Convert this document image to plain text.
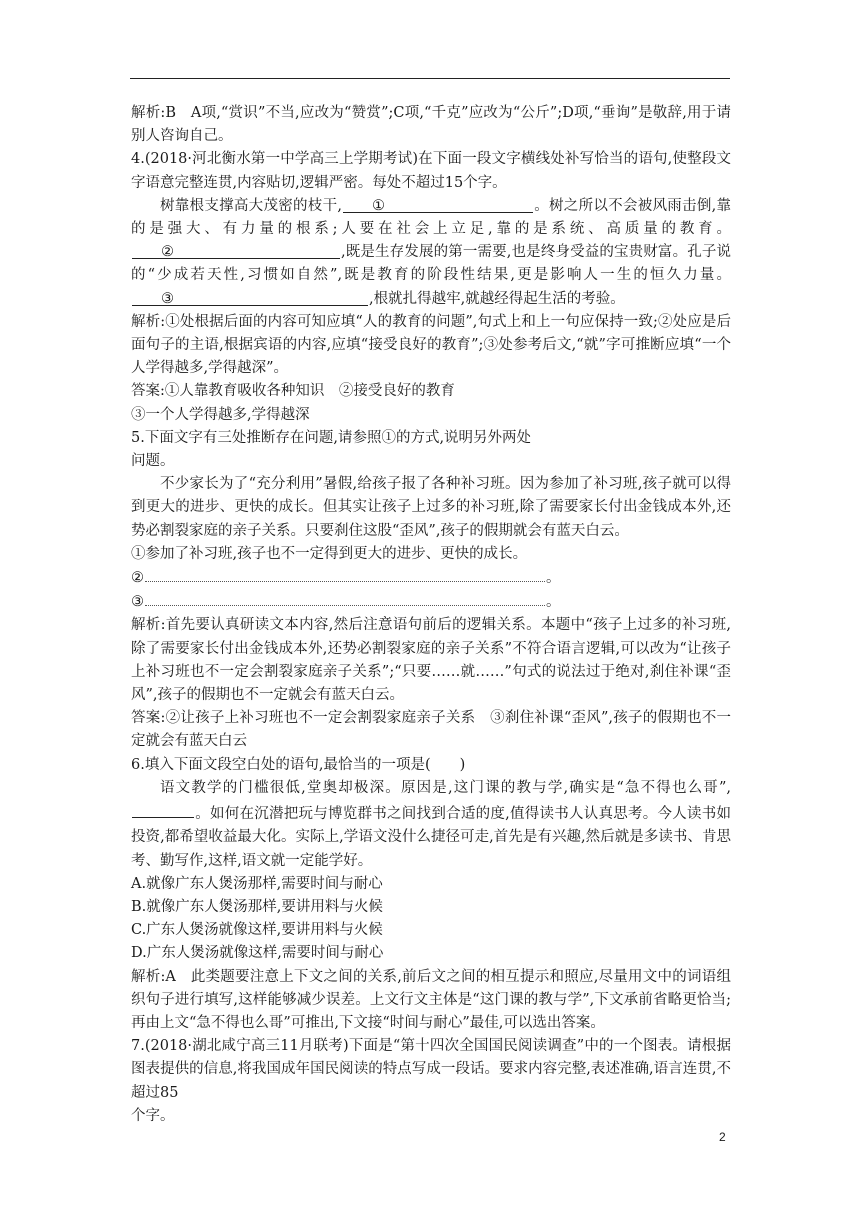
解析:B　A项,“赏识”不当,应改为“赞赏”;C项,“千克”应改为“公斤”;D项,“垂询”是敬辞,用于请别人咨询自己。

4.(2018·河北衡水第一中学高三上学期考试)在下面一段文字横线处补写恰当的语句,使整段文字语意完整连贯,内容贴切,逻辑严密。每处不超过15个字。

树靠根支撑高大茂密的枝干, ①	。树之所以不会被风雨击倒,靠的是强大、有力量的根系;人要在社会上立足,靠的是系统、高质量的教育。②	,既是生存发展的第一需要,也是终身受益的宝贵财富。孔子说的“少成若天性,习惯如自然”,既是教育的阶段性结果,更是影响人一生的恒久力量。③	,根就扎得越牢,就越经得起生活的考验。

解析:①处根据后面的内容可知应填“人的教育的问题”,句式上和上一句应保持一致;②处应是后面句子的主语,根据宾语的内容,应填“接受良好的教育”;③处参考后文,“就”字可推断应填“一个人学得越多,学得越深”。

答案:①人靠教育吸收各种知识　②接受良好的教育

③一个人学得越多,学得越深

5.下面文字有三处推断存在问题,请参照①的方式,说明另外两处

问题。

不少家长为了“充分利用”暑假,给孩子报了各种补习班。因为参加了补习班,孩子就可以得到更大的进步、更快的成长。但其实让孩子上过多的补习班,除了需要家长付出金钱成本外,还势必割裂家庭的亲子关系。只要刹住这股“歪风”,孩子的假期就会有蓝天白云。

①参加了补习班,孩子也不一定得到更大的进步、更快的成长。

②	。

③	。

解析:首先要认真研读文本内容,然后注意语句前后的逻辑关系。本题中“孩子上过多的补习班,除了需要家长付出金钱成本外,还势必割裂家庭的亲子关系”不符合语言逻辑,可以改为“让孩子上补习班也不一定会割裂家庭亲子关系”;“只要……就……”句式的说法过于绝对,刹住补课“歪风”,孩子的假期也不一定就会有蓝天白云。

答案:②让孩子上补习班也不一定会割裂家庭亲子关系　③刹住补课“歪风”,孩子的假期也不一定就会有蓝天白云

6.填入下面文段空白处的语句,最恰当的一项是(　　)

语文教学的门槛很低,堂奥却极深。原因是,这门课的教与学,确实是“急不得也么哥”,。如何在沉潜把玩与博览群书之间找到合适的度,值得读书人认真思考。今人读书如投资,都希望收益最大化。实际上,学语文没什么捷径可走,首先是有兴趣,然后就是多读书、肯思考、勤写作,这样,语文就一定能学好。

A.就像广东人煲汤那样,需要时间与耐心

B.就像广东人煲汤那样,要讲用料与火候

C.广东人煲汤就像这样,要讲用料与火候

D.广东人煲汤就像这样,需要时间与耐心

解析:A　此类题要注意上下文之间的关系,前后文之间的相互提示和照应,尽量用文中的词语组织句子进行填写,这样能够减少误差。上文行文主体是“这门课的教与学”,下文承前省略更恰当;再由上文“急不得也么哥”可推出,下文接“时间与耐心”最佳,可以选出答案。

7.(2018·湖北咸宁高三11月联考)下面是“第十四次全国国民阅读调查”中的一个图表。请根据图表提供的信息,将我国成年国民阅读的特点写成一段话。要求内容完整,表述准确,语言连贯,不超过85

个字。

2
